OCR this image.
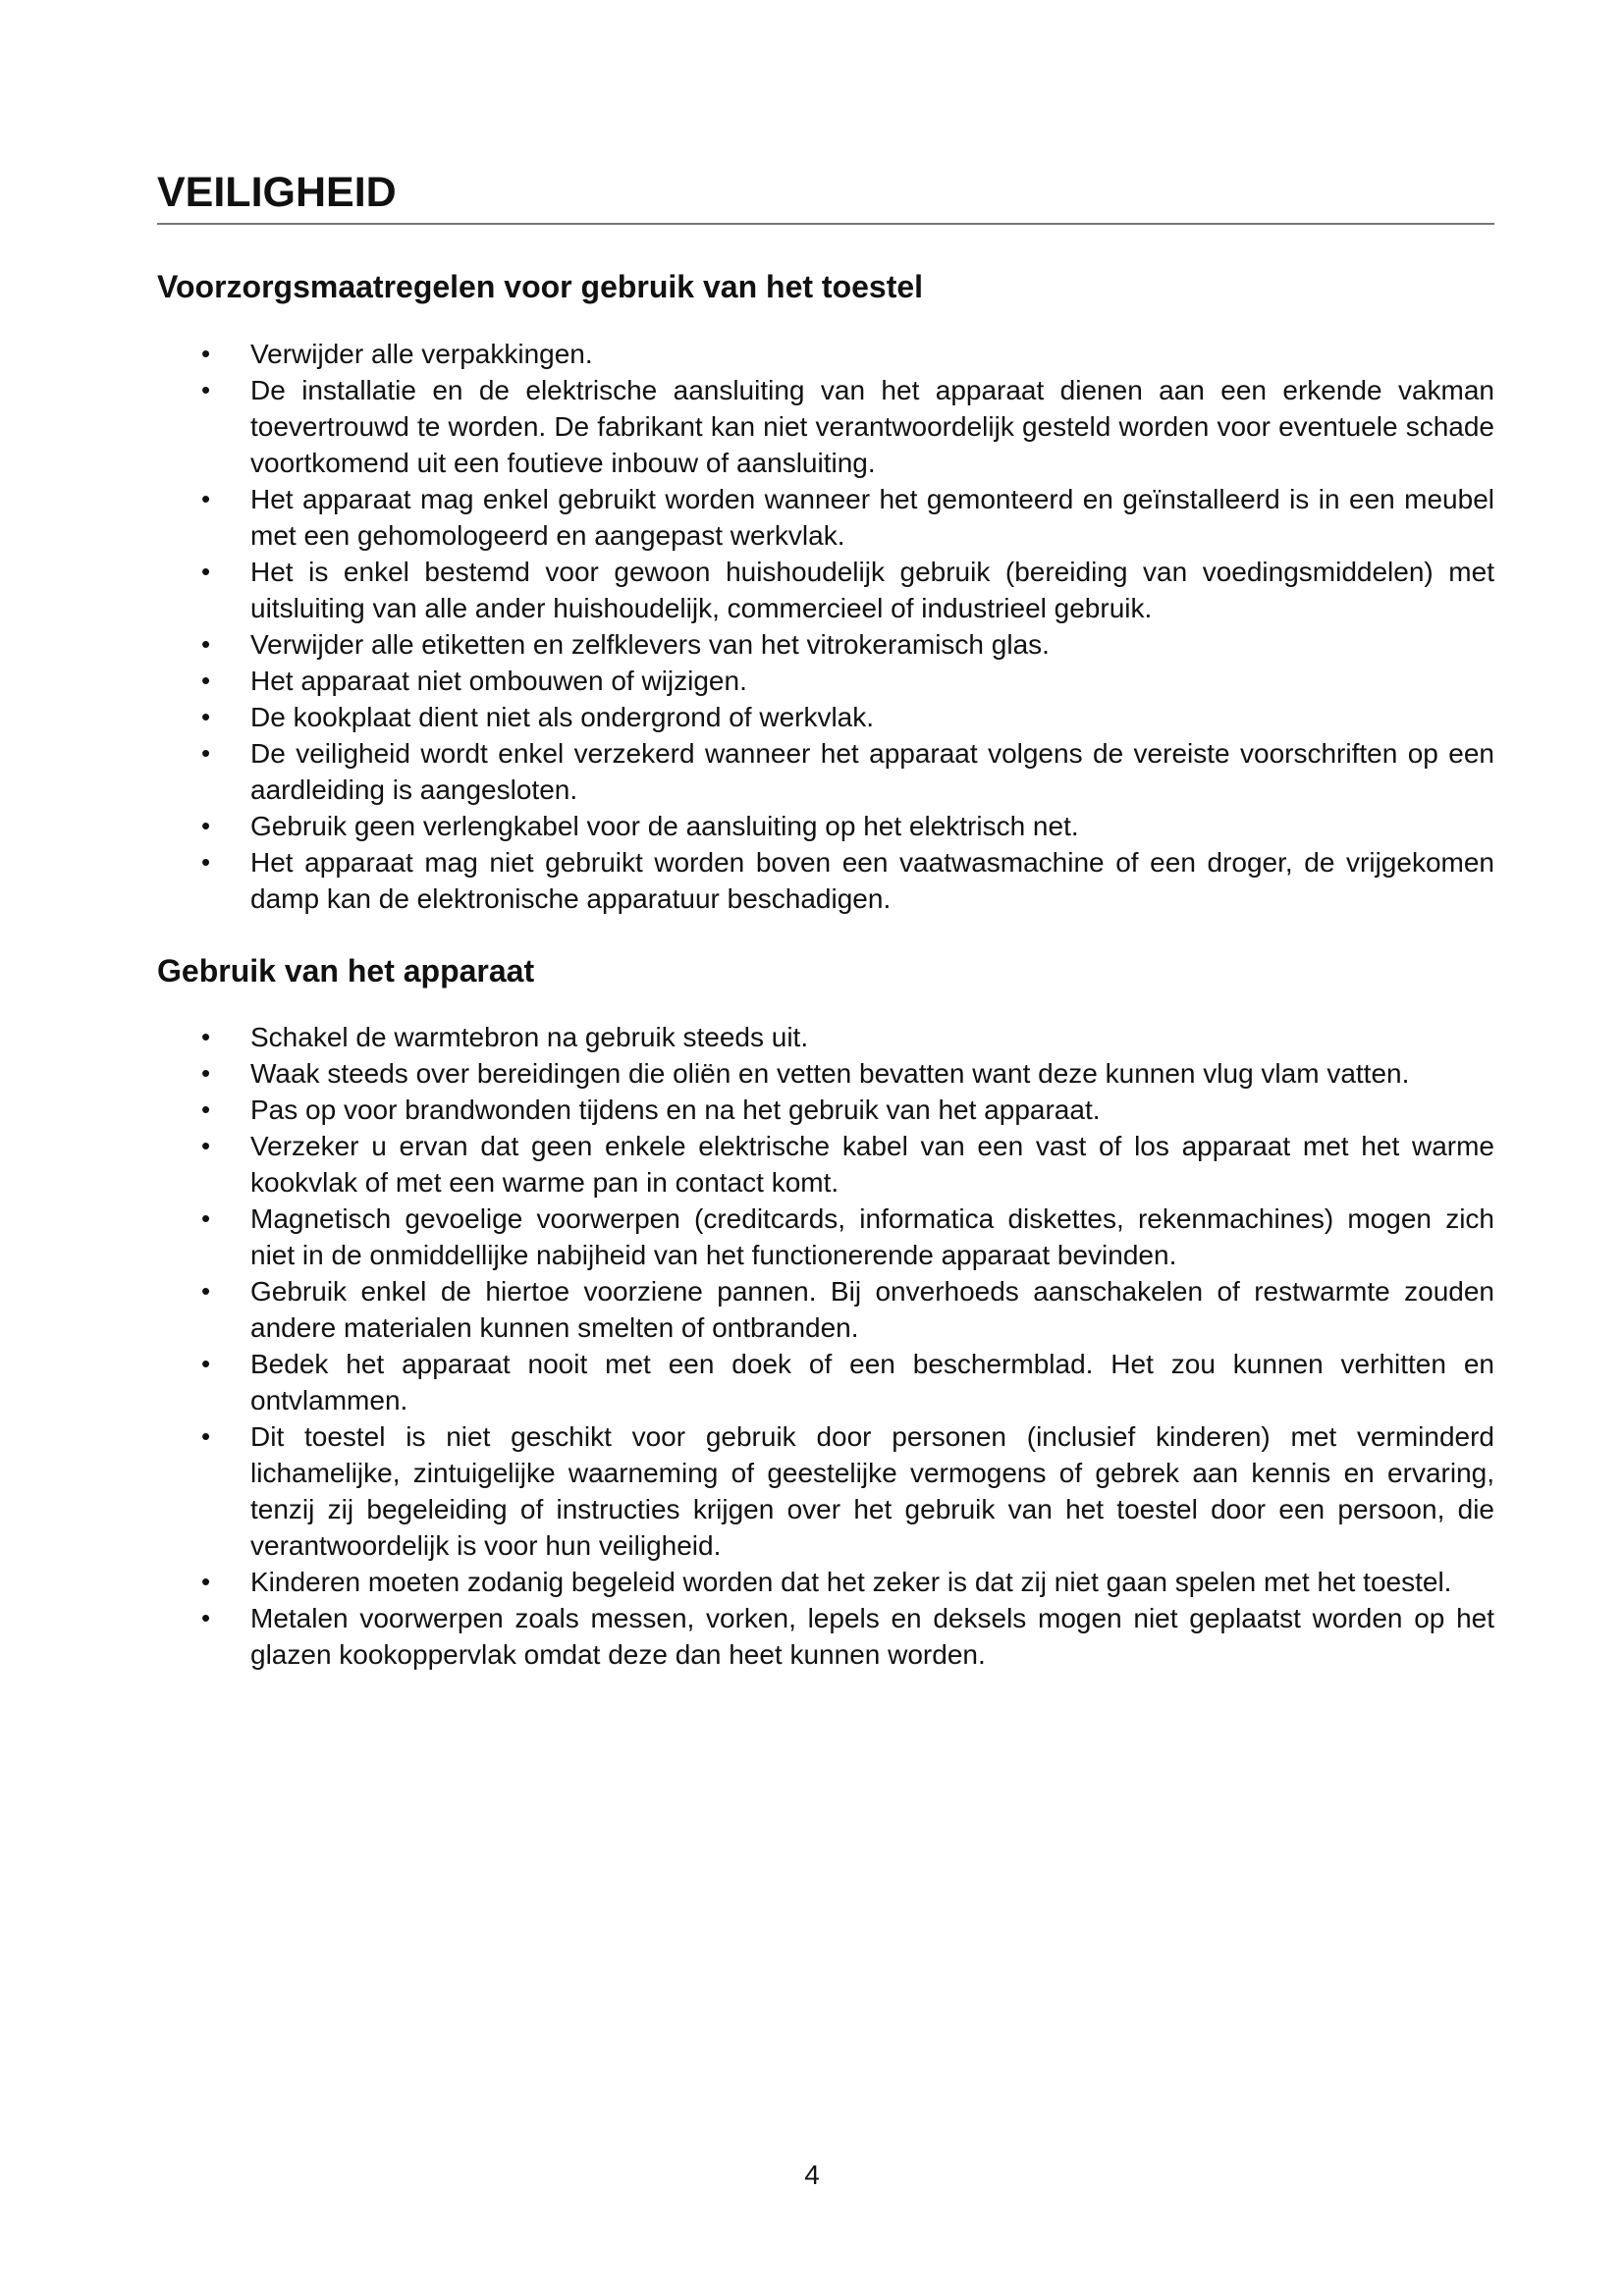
VEILIGHEID
Voorzorgsmaatregelen voor gebruik van het toestel
• Verwijder alle verpakkingen.
• De installatie en de elektrische aansluiting van het apparaat dienen aan een erkende vakman toevertrouwd te worden. De fabrikant kan niet verantwoordelijk gesteld worden voor eventuele schade voortkomend uit een foutieve inbouw of aansluiting.
• Het apparaat mag enkel gebruikt worden wanneer het gemonteerd en geïnstalleerd is in een meubel met een gehomologeerd en aangepast werkvlak.
• Het is enkel bestemd voor gewoon huishoudelijk gebruik (bereiding van voedingsmiddelen) met uitsluiting van alle ander huishoudelijk, commercieel of industrieel gebruik.
• Verwijder alle etiketten en zelfklevers van het vitrokeramisch glas.
• Het apparaat niet ombouwen of wijzigen.
• De kookplaat dient niet als ondergrond of werkvlak.
• De veiligheid wordt enkel verzekerd wanneer het apparaat volgens de vereiste voorschriften op een aardleiding is aangesloten.
• Gebruik geen verlengkabel voor de aansluiting op het elektrisch net.
• Het apparaat mag niet gebruikt worden boven een vaatwasmachine of een droger, de vrijgekomen damp kan de elektronische apparatuur beschadigen.
Gebruik van het apparaat
• Schakel de warmtebron na gebruik steeds uit.
• Waak steeds over bereidingen die oliën en vetten bevatten want deze kunnen vlug vlam vatten.
• Pas op voor brandwonden tijdens en na het gebruik van het apparaat.
• Verzeker u ervan dat geen enkele elektrische kabel van een vast of los apparaat met het warme kookvlak of met een warme pan in contact komt.
• Magnetisch gevoelige voorwerpen (creditcards, informatica diskettes, rekenmachines) mogen zich niet in de onmiddellijke nabijheid van het functionerende apparaat bevinden.
• Gebruik enkel de hiertoe voorziene pannen. Bij onverhoeds aanschakelen of restwarmte zouden andere materialen kunnen smelten of ontbranden.
• Bedek het apparaat nooit met een doek of een beschermblad. Het zou kunnen verhitten en ontvlammen.
• Dit toestel is niet geschikt voor gebruik door personen (inclusief kinderen) met verminderd lichamelijke, zintuigelijke waarneming of geestelijke vermogens of gebrek aan kennis en ervaring, tenzij zij begeleiding of instructies krijgen over het gebruik van het toestel door een persoon, die verantwoordelijk is voor hun veiligheid.
• Kinderen moeten zodanig begeleid worden dat het zeker is dat zij niet gaan spelen met het toestel.
• Metalen voorwerpen zoals messen, vorken, lepels en deksels mogen niet geplaatst worden op het glazen kookoppervlak omdat deze dan heet kunnen worden.
4
